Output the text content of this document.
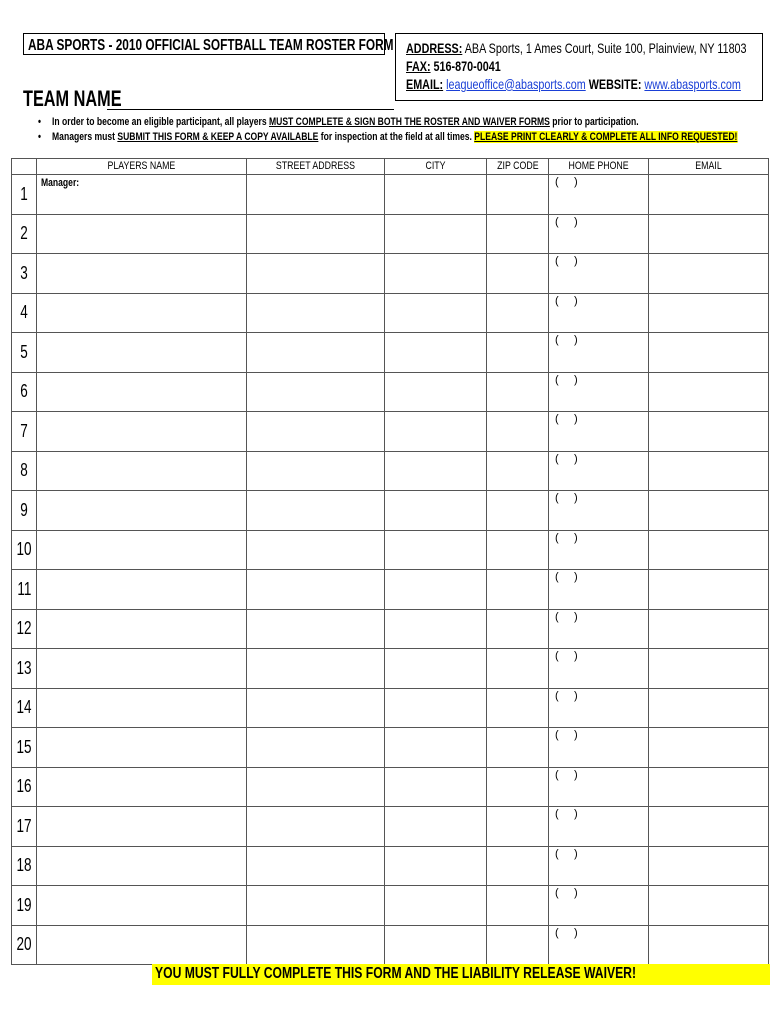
ABA SPORTS - 2010 OFFICIAL SOFTBALL TEAM ROSTER FORM ADDRESS: ABA Sports, 1 Ames Court, Suite 100, Plainview, NY 11803
FAX: 516-870-0041
EMAIL: leagueoffice@abasports.com WEBSITE: www.abasports.com
TEAM NAME
• In order to become an eligible participant, all players MUST COMPLETE & SIGN BOTH THE ROSTER AND WAIVER FORMS prior to participation.
• Managers must SUBMIT THIS FORM & KEEP A COPY AVAILABLE for inspection at the field at all times. PLEASE PRINT CLEARLY & COMPLETE ALL INFO REQUESTED!
	PLAYERS NAME	STREET ADDRESS	CITY	ZIP CODE	HOME PHONE	EMAIL
1	Manager:				(     )	
2					(     )	
3					(     )	
4					(     )	
5					(     )	
6					(     )	
7					(     )	
8					(     )	
9					(     )	
10					(     )	
11					(     )	
12					(     )	
13					(     )	
14					(     )	
15					(     )	
16					(     )	
17					(     )	
18					(     )	
19					(     )	
20					(     )	
YOU MUST FULLY COMPLETE THIS FORM AND THE LIABILITY RELEASE WAIVER!
